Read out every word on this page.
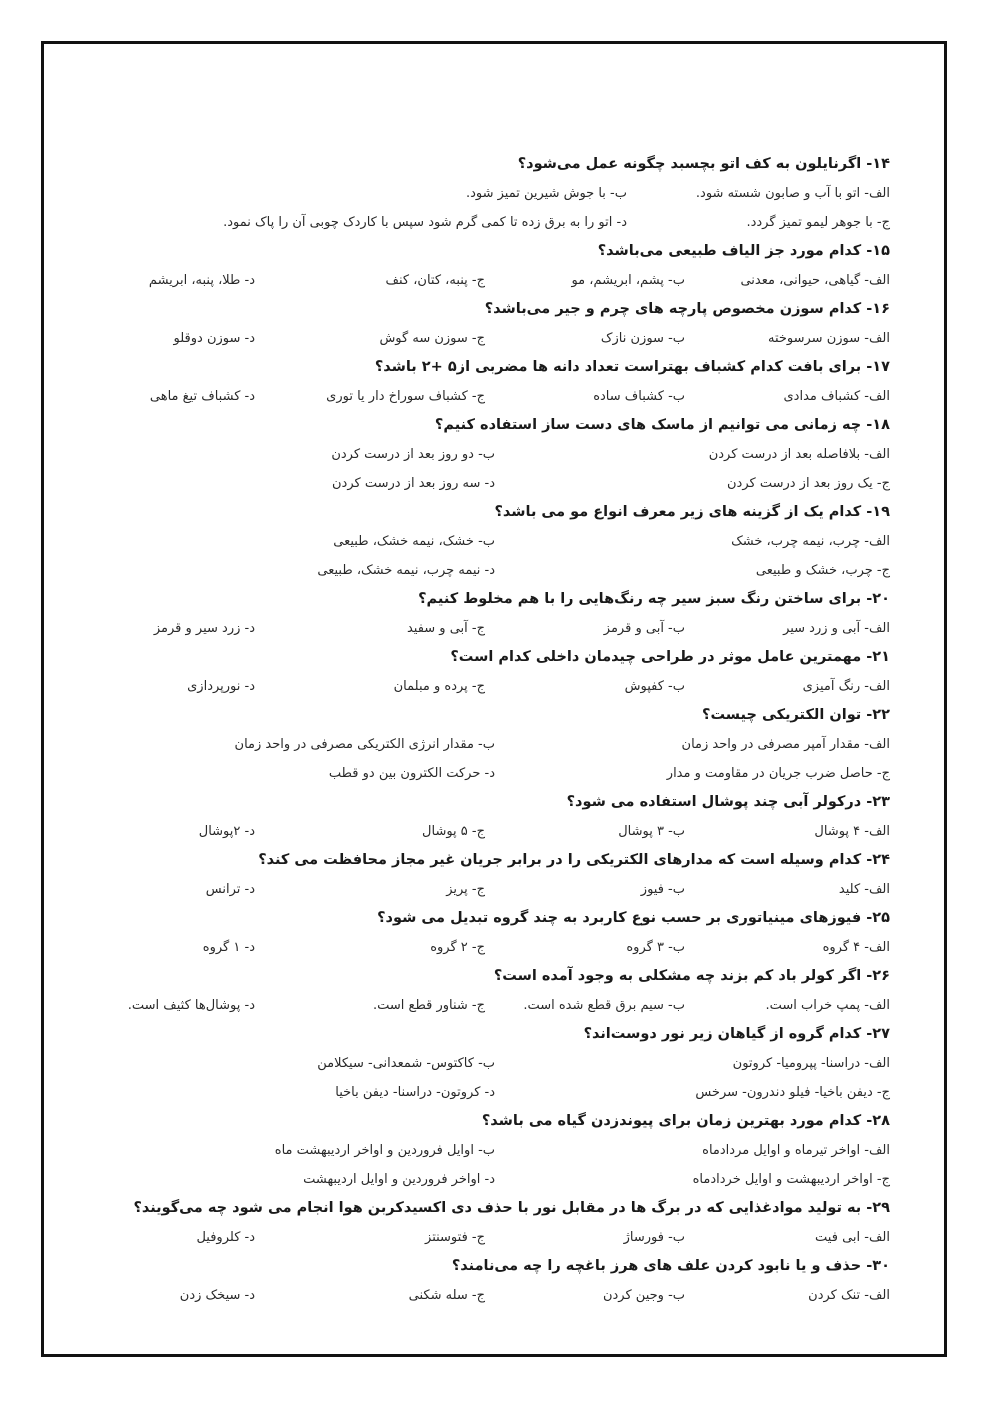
۱۴- اگرنایلون به کف اتو بچسبد چگونه عمل می‌شود؟
الف- اتو با آب و صابون شسته شود.
ب- با جوش شیرین تمیز شود.
ج- با جوهر لیمو تمیز گردد.
د- اتو را به برق زده تا کمی گرم شود سپس با کاردک چوبی آن را پاک نمود.
۱۵- کدام مورد جز الیاف طبیعی می‌باشد؟
الف- گیاهی، حیوانی، معدنی
ب- پشم، ابریشم، مو
ج- پنبه، کتان، کنف
د- طلا، پنبه، ابریشم
۱۶- کدام سوزن مخصوص پارچه های چرم و جیر می‌باشد؟
الف- سوزن سرسوخته
ب- سوزن نازک
ج- سوزن سه گوش
د- سوزن دوقلو
۱۷- برای بافت کدام کشباف بهتراست تعداد دانه ها مضربی از۵ +۲ باشد؟
الف- کشباف مدادی
ب- کشباف ساده
ج- کشباف سوراخ دار یا توری
د- کشباف تیغ ماهی
۱۸- چه زمانی می توانیم از ماسک های دست ساز استفاده کنیم؟
الف- بلافاصله بعد از درست کردن
ب- دو روز بعد از درست کردن
ج- یک روز بعد از درست کردن
د- سه روز بعد از درست کردن
۱۹- کدام یک از گزینه های زیر معرف انواع مو می باشد؟
الف- چرب، نیمه چرب، خشک
ب- خشک، نیمه خشک، طبیعی
ج- چرب، خشک و طبیعی
د- نیمه چرب، نیمه خشک، طبیعی
۲۰- برای ساختن رنگ سبز سیر چه رنگ‌هایی را با هم مخلوط کنیم؟
الف- آبی و زرد سیر
ب- آبی و قرمز
ج- آبی و سفید
د- زرد سیر و قرمز
۲۱- مهمترین عامل موثر در طراحی چیدمان داخلی کدام است؟
الف- رنگ آمیزی
ب- کفپوش
ج- پرده و مبلمان
د- نورپردازی
۲۲- توان الکتریکی چیست؟
الف- مقدار آمپر مصرفی در واحد زمان
ب- مقدار انرژی الکتریکی مصرفی در واحد زمان
ج- حاصل ضرب جریان در مقاومت و مدار
د- حرکت الکترون بین دو قطب
۲۳- درکولر آبی چند پوشال استفاده می شود؟
الف- ۴ پوشال
ب- ۳ پوشال
ج- ۵ پوشال
د- ۲پوشال
۲۴- کدام وسیله است که مدارهای الکتریکی را در برابر جریان غیر مجاز محافظت می کند؟
الف- کلید
ب- فیوز
ج- پریز
د- ترانس
۲۵- فیوزهای مینیاتوری بر حسب نوع کاربرد به چند گروه تبدیل می شود؟
الف- ۴ گروه
ب- ۳ گروه
ج- ۲ گروه
د- ۱ گروه
۲۶- اگر کولر باد کم بزند چه مشکلی به وجود آمده است؟
الف- پمپ خراب است.
ب- سیم برق قطع شده است.
ج- شناور قطع است.
د- پوشال‌ها کثیف است.
۲۷- کدام گروه از گیاهان زیر نور دوست‌اند؟
الف- دراسنا- پپرومیا- کروتون
ب- کاکتوس- شمعدانی- سیکلامن
ج- دیفن باخیا- فیلو دندرون- سرخس
د- کروتون- دراسنا- دیفن باخیا
۲۸- کدام مورد بهترین زمان برای پیوندزدن گیاه می باشد؟
الف- اواخر تیرماه و اوایل مردادماه
ب- اوایل فروردین و اواخر اردیبهشت ماه
ج- اواخر اردیبهشت و اوایل خردادماه
د- اواخر فروردین و اوایل اردیبهشت
۲۹- به تولید موادغذایی که در برگ ها در مقابل نور با حذف دی اکسیدکربن هوا انجام می شود چه می‌گویند؟
الف- ابی فیت
ب- فورساژ
ج- فتوسنتز
د- کلروفیل
۳۰- حذف و یا نابود کردن علف های هرز باغچه را چه می‌نامند؟
الف- تنک کردن
ب- وجین کردن
ج- سله شکنی
د- سیخک زدن
